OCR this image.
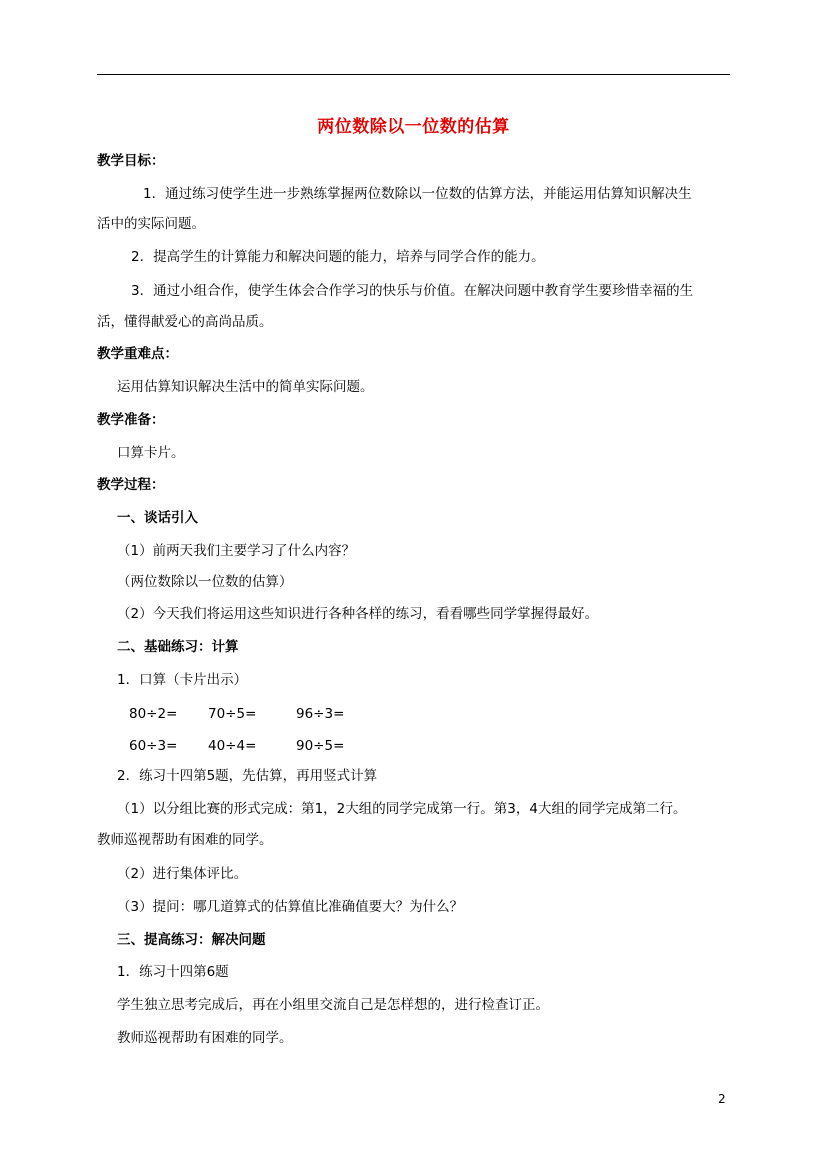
两位数除以一位数的估算
教学目标：
1．通过练习使学生进一步熟练掌握两位数除以一位数的估算方法，并能运用估算知识解决生
活中的实际问题。
2．提高学生的计算能力和解决问题的能力，培养与同学合作的能力。
3．通过小组合作，使学生体会合作学习的快乐与价值。在解决问题中教育学生要珍惜幸福的生
活，懂得献爱心的高尚品质。
教学重难点：
运用估算知识解决生活中的简单实际问题。
教学准备：
口算卡片。
教学过程：
一、谈话引入
（1）前两天我们主要学习了什么内容？
（两位数除以一位数的估算）
（2）今天我们将运用这些知识进行各种各样的练习，看看哪些同学掌握得最好。
二、基础练习：计算
1．口算（卡片出示）
80÷2= 70÷5=	96÷3=
60÷3= 40÷4=	90÷5=
2．练习十四第5题，先估算，再用竖式计算
（1）以分组比赛的形式完成：第1，2大组的同学完成第一行。第3，4大组的同学完成第二行。
教师巡视帮助有困难的同学。
（2）进行集体评比。
（3）提问：哪几道算式的估算值比准确值要大？为什么？
三、提高练习：解决问题
1．练习十四第6题
学生独立思考完成后，再在小组里交流自己是怎样想的，进行检查订正。
教师巡视帮助有困难的同学。
2
